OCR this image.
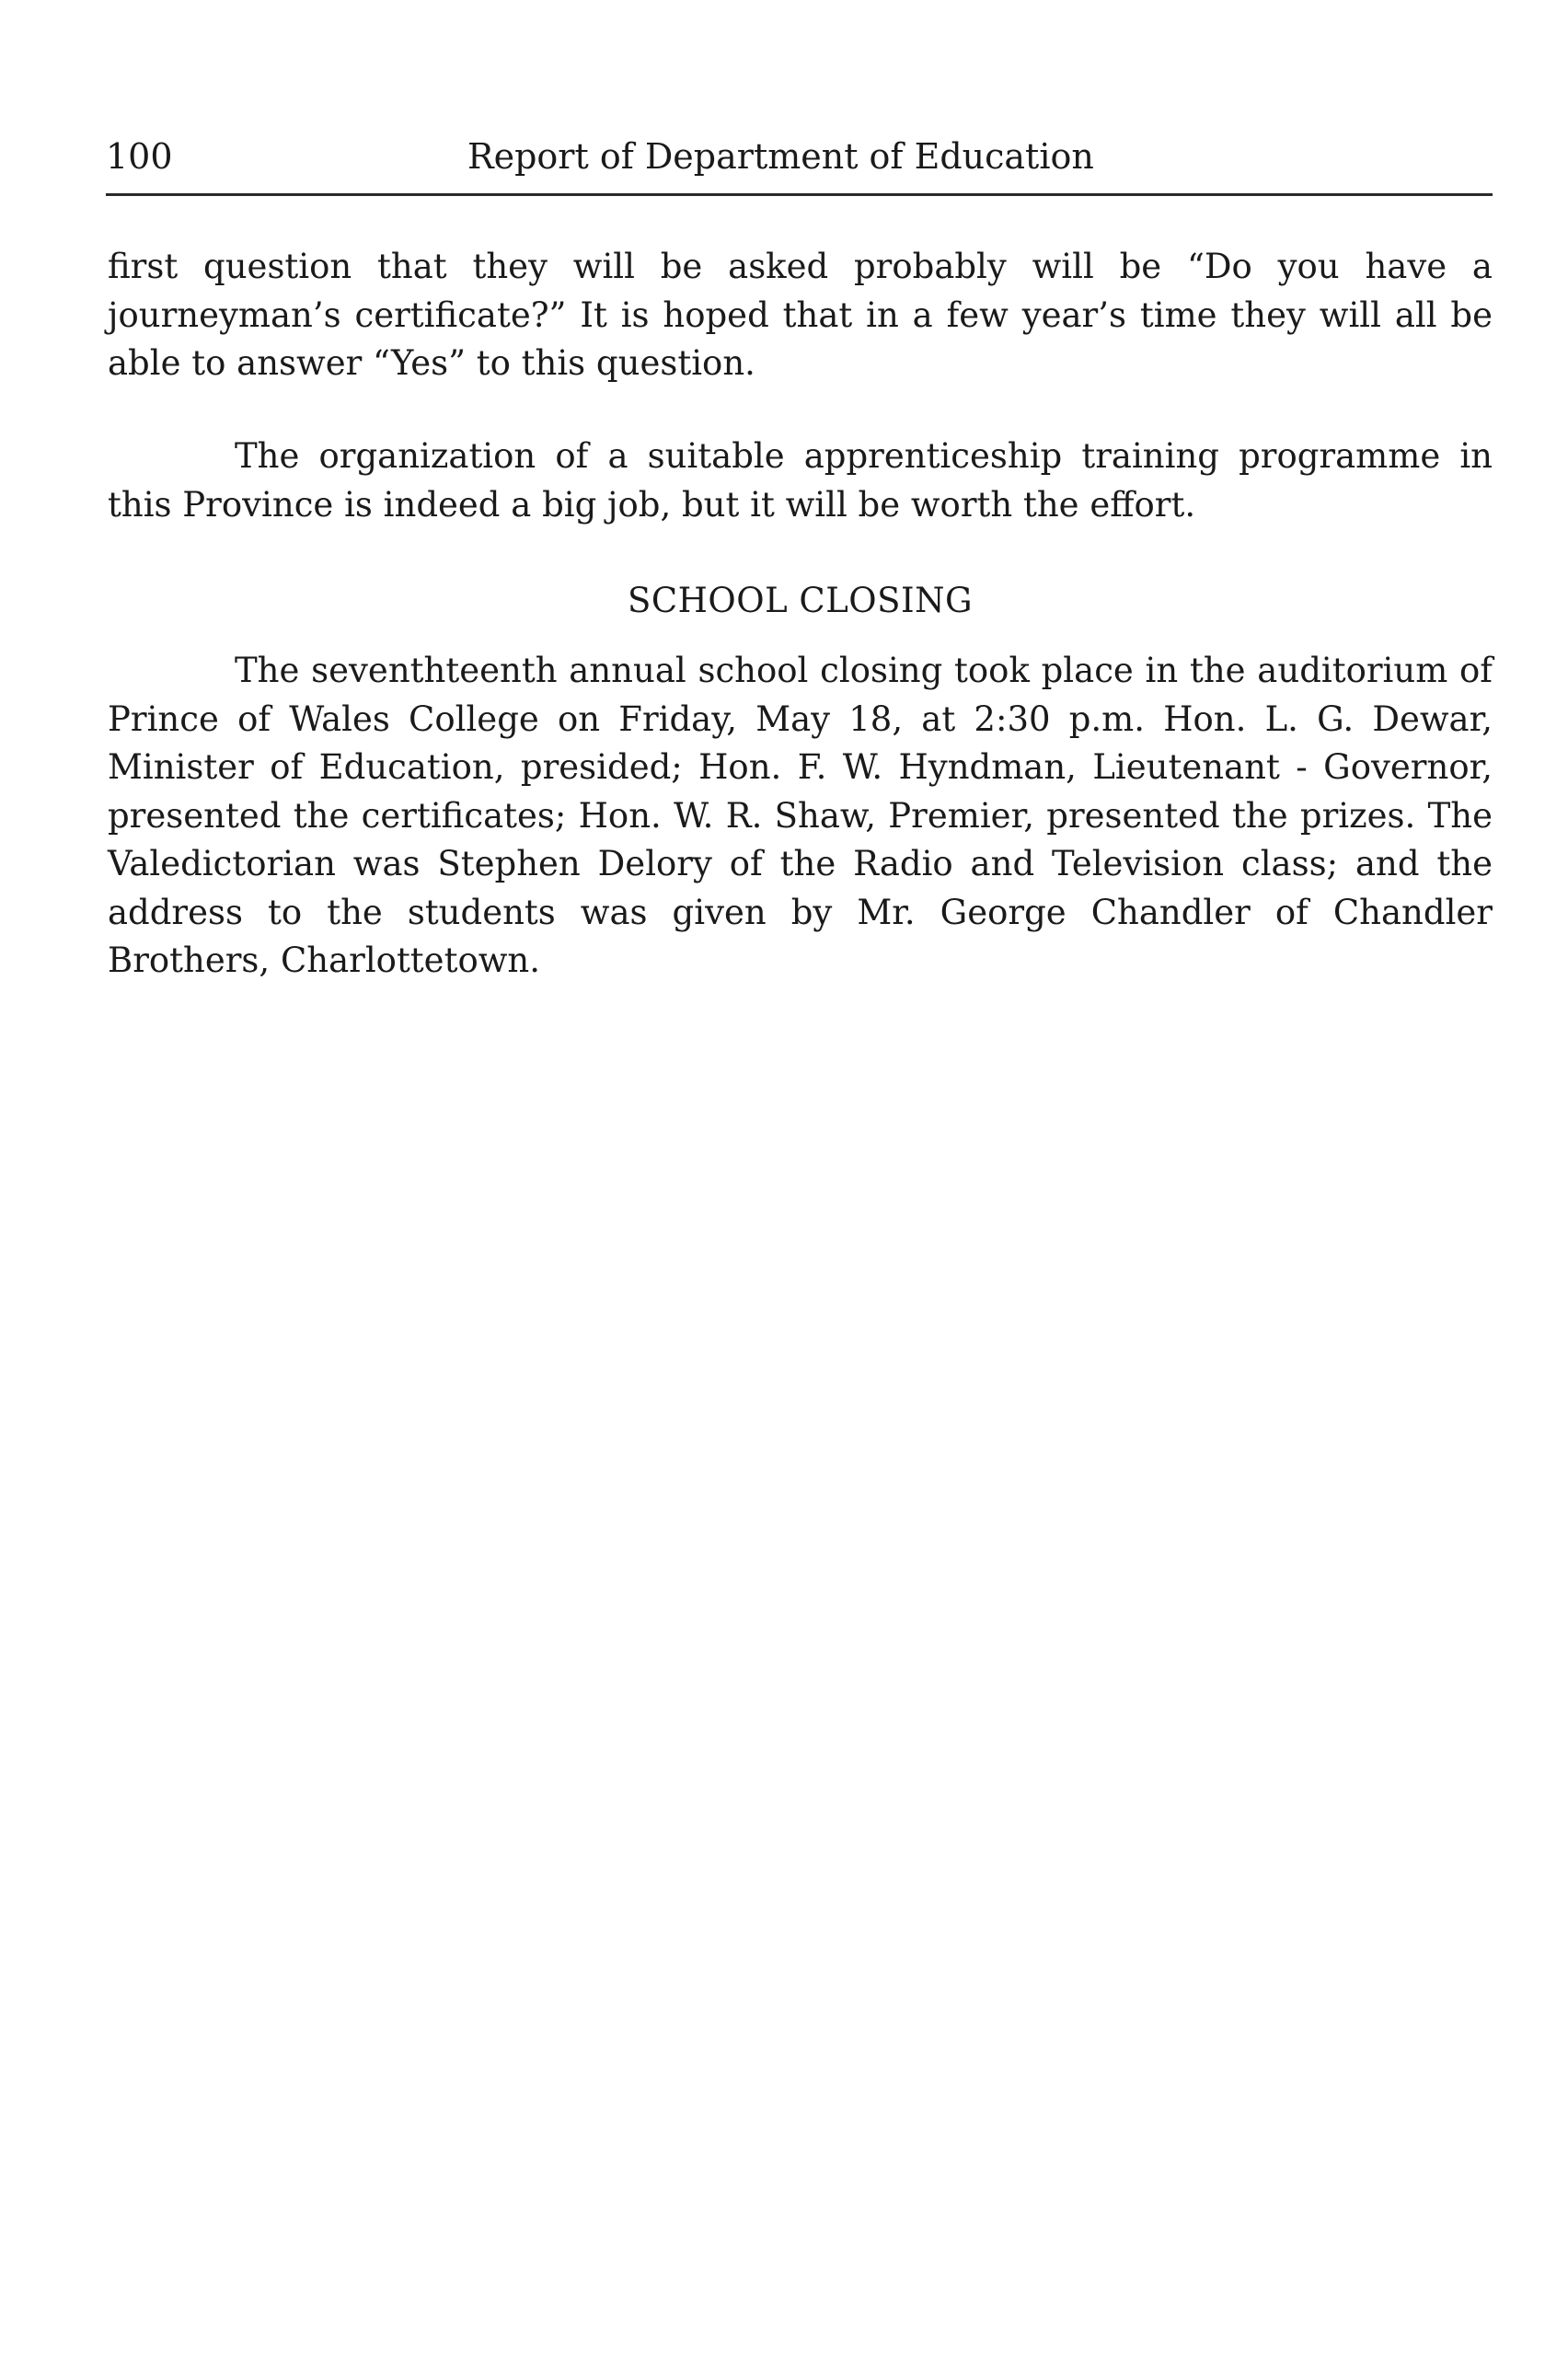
100	Report of Department of Education

first question that they will be asked probably will be “Do you have a journeyman’s certificate?” It is hoped that in a few year’s time they will all be able to answer “Yes” to this question.

The organization of a suitable apprenticeship training programme in this Province is indeed a big job, but it will be worth the effort.

SCHOOL CLOSING

The seventhteenth annual school closing took place in the auditorium of Prince of Wales College on Friday, May 18, at 2:30 p.m. Hon. L. G. Dewar, Minister of Education, presided; Hon. F. W. Hyndman, Lieutenant - Governor, presented the certificates; Hon. W. R. Shaw, Premier, presented the prizes. The Valedictorian was Stephen Delory of the Radio and Television class; and the address to the students was given by Mr. George Chandler of Chandler Brothers, Charlottetown.
